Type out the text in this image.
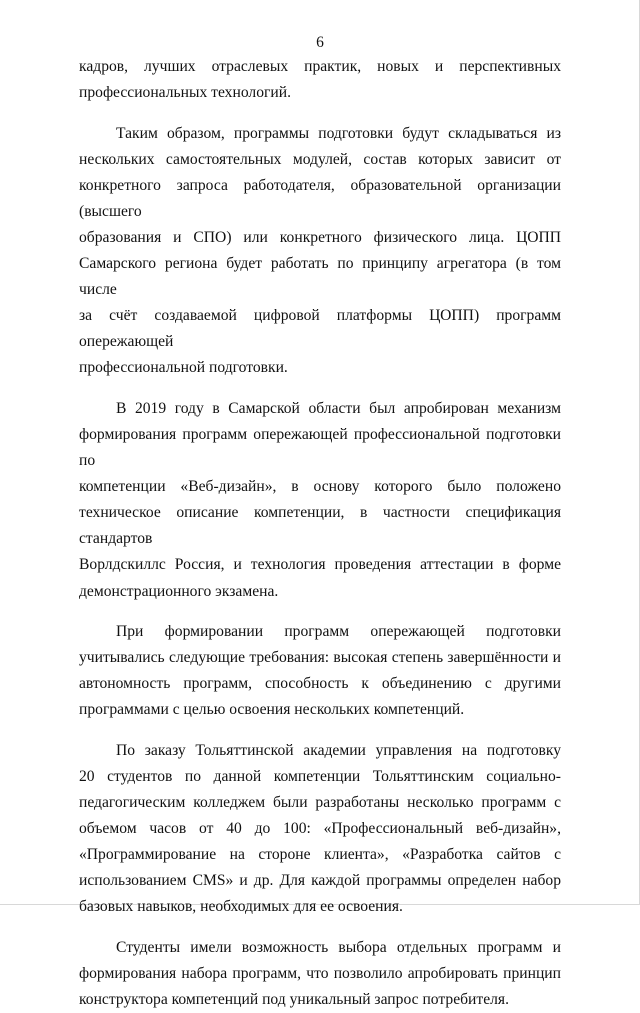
6

кадров, лучших отраслевых практик, новых и перспективных
профессиональных технологий.

Таким образом, программы подготовки будут складываться из
нескольких самостоятельных модулей, состав которых зависит от
конкретного запроса работодателя, образовательной организации (высшего
образования и СПО) или конкретного физического лица. ЦОПП
Самарского региона будет работать по принципу агрегатора (в том числе
за счёт создаваемой цифровой платформы ЦОПП) программ опережающей
профессиональной подготовки.

В 2019 году в Самарской области был апробирован механизм
формирования программ опережающей профессиональной подготовки по
компетенции «Веб-дизайн», в основу которого было положено
техническое описание компетенции, в частности спецификация стандартов
Ворлдскиллс Россия, и технология проведения аттестации в форме
демонстрационного экзамена.

При формировании программ опережающей подготовки
учитывались следующие требования: высокая степень завершённости и
автономность программ, способность к объединению с другими
программами с целью освоения нескольких компетенций.

По заказу Тольяттинской академии управления на подготовку
20 студентов по данной компетенции Тольяттинским социально-
педагогическим колледжем были разработаны несколько программ с
объемом часов от 40 до 100: «Профессиональный веб-дизайн»,
«Программирование на стороне клиента», «Разработка сайтов с
использованием CMS» и др. Для каждой программы определен набор
базовых навыков, необходимых для ее освоения.

Студенты имели возможность выбора отдельных программ и
формирования набора программ, что позволило апробировать принцип
конструктора компетенций под уникальный запрос потребителя.
